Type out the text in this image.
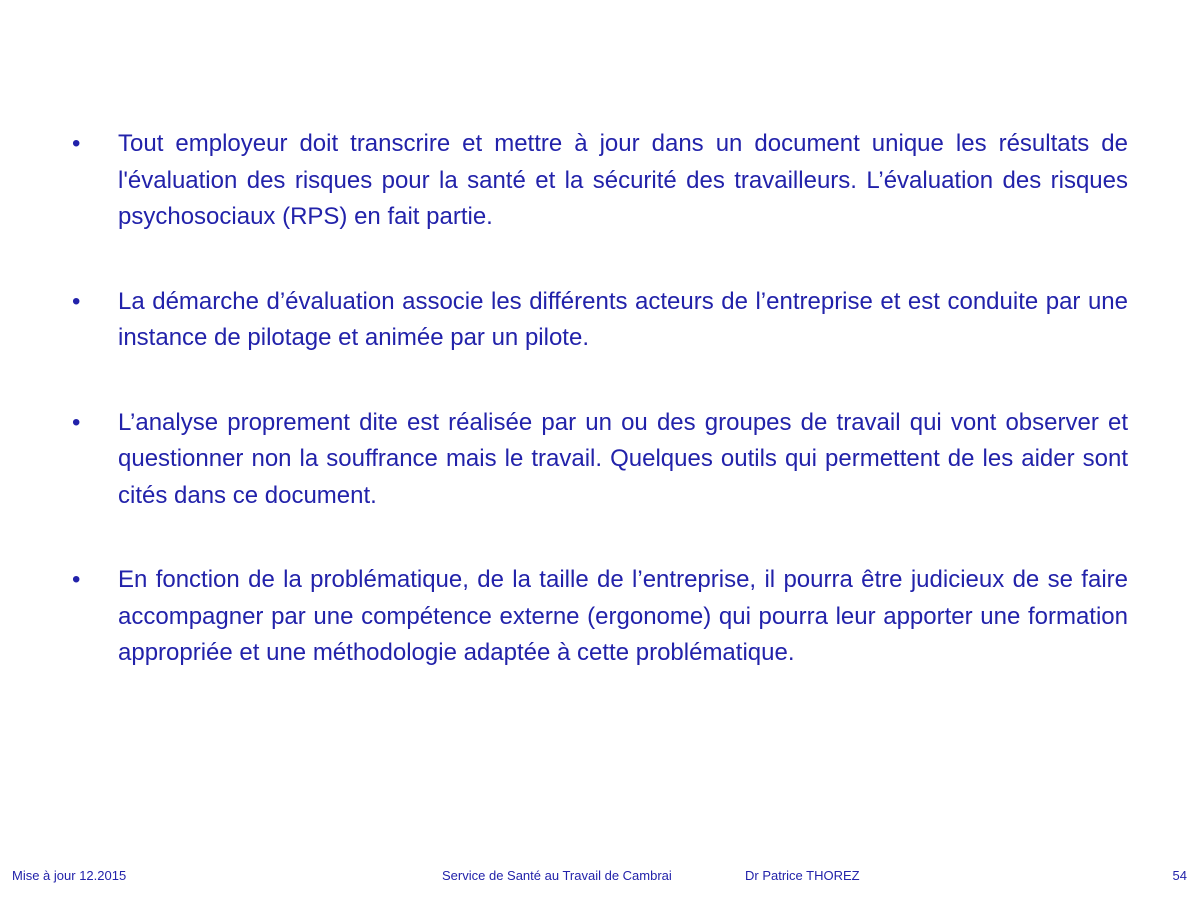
•	Tout employeur doit transcrire et mettre à jour dans un document unique les résultats de l'évaluation des risques pour la santé et la sécurité des travailleurs. L’évaluation des risques psychosociaux (RPS) en fait partie.

•	La démarche d’évaluation associe les différents acteurs de l’entreprise et est conduite par une instance de pilotage et animée par un pilote.

•	L’analyse proprement dite est réalisée par un ou des groupes de travail qui vont observer et questionner non la souffrance mais le travail. Quelques outils qui permettent de les aider sont cités dans ce document.

•	En fonction de la problématique, de la taille de l’entreprise, il pourra être judicieux de se faire accompagner par une compétence externe (ergonome) qui pourra leur apporter une formation appropriée et une méthodologie adaptée à cette problématique.

Mise à jour 12.2015	Service de Santé au Travail de Cambrai	Dr Patrice THOREZ	54
